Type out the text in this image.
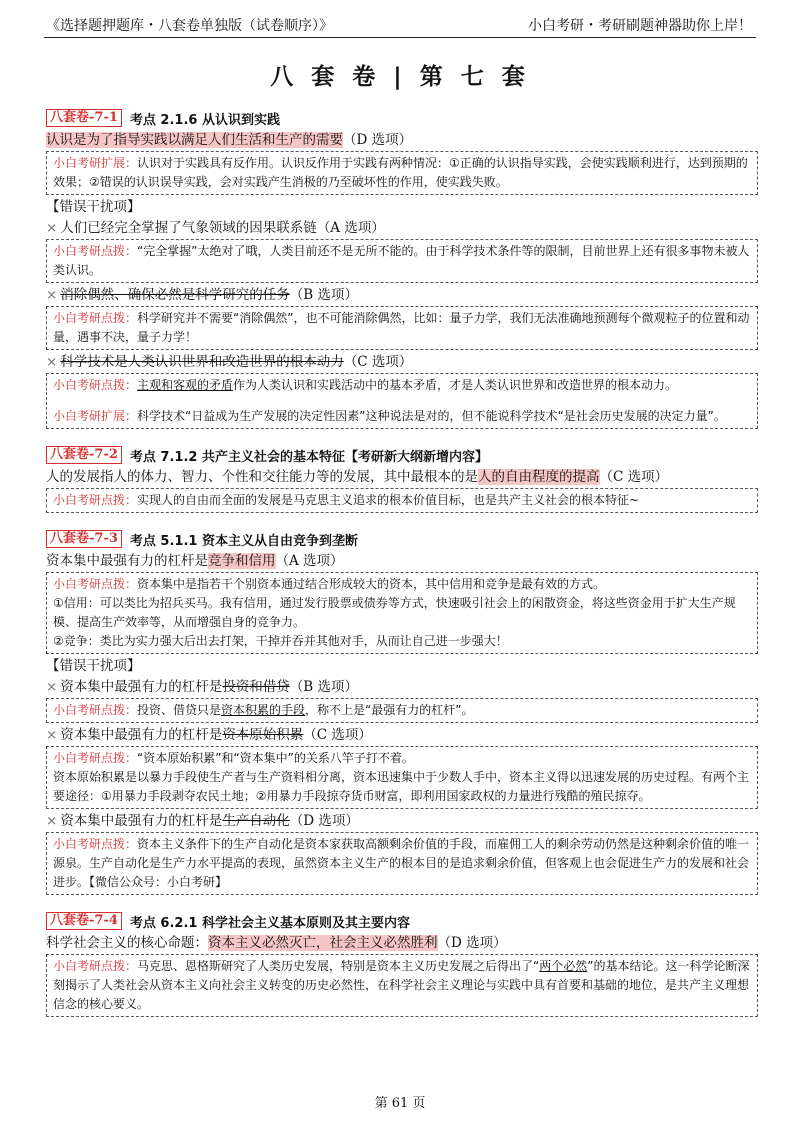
《选择题押题库・八套卷单独版（试卷顺序）》	小白考研・考研刷题神器助你上岸！
八 套 卷 | 第 七 套
八套卷-7-1 考点 2.1.6 从认识到实践
认识是为了指导实践以满足人们生活和生产的需要（D 选项）
小白考研扩展：认识对于实践具有反作用。认识反作用于实践有两种情况：①正确的认识指导实践，会使实践顺利进行，达到预期的效果；②错误的认识误导实践，会对实践产生消极的乃至破坏性的作用，使实践失败。
【错误干扰项】
× 人们已经完全掌握了气象领域的因果联系链（A 选项）
小白考研点拨：“完全掌握”太绝对了哦，人类目前还不是无所不能的。由于科学技术条件等的限制，目前世界上还有很多事物未被人类认识。
× 消除偶然、确保必然是科学研究的任务（B 选项）
小白考研点拨：科学研究并不需要“消除偶然”，也不可能消除偶然，比如：量子力学，我们无法准确地预测每个微观粒子的位置和动量，遇事不决，量子力学！
× 科学技术是人类认识世界和改造世界的根本动力（C 选项）
小白考研点拨：主观和客观的矛盾作为人类认识和实践活动中的基本矛盾，才是人类认识世界和改造世界的根本动力。
小白考研扩展：科学技术“日益成为生产发展的决定性因素”这种说法是对的，但不能说科学技术“是社会历史发展的决定力量”。
八套卷-7-2 考点 7.1.2 共产主义社会的基本特征【考研新大纲新增内容】
人的发展指人的体力、智力、个性和交往能力等的发展，其中最根本的是人的自由程度的提高（C 选项）
小白考研点拨：实现人的自由而全面的发展是马克思主义追求的根本价值目标，也是共产主义社会的根本特征~
八套卷-7-3 考点 5.1.1 资本主义从自由竞争到垄断
资本集中最强有力的杠杆是竞争和信用（A 选项）
小白考研点拨：资本集中是指若干个别资本通过结合形成较大的资本，其中信用和竞争是最有效的方式。
①信用：可以类比为招兵买马。我有信用，通过发行股票或债券等方式，快速吸引社会上的闲散资金，将这些资金用于扩大生产规模、提高生产效率等，从而增强自身的竞争力。
②竞争：类比为实力强大后出去打架，干掉并吞并其他对手，从而让自己进一步强大！
【错误干扰项】
× 资本集中最强有力的杠杆是投资和借贷（B 选项）
小白考研点拨：投资、借贷只是资本积累的手段，称不上是“最强有力的杠杆”。
× 资本集中最强有力的杠杆是资本原始积累（C 选项）
小白考研点拨：“资本原始积累”和“资本集中”的关系八竿子打不着。
资本原始积累是以暴力手段使生产者与生产资料相分离，资本迅速集中于少数人手中，资本主义得以迅速发展的历史过程。有两个主要途径：①用暴力手段剥夺农民土地；②用暴力手段掠夺货币财富，即利用国家政权的力量进行残酷的殖民掠夺。
× 资本集中最强有力的杠杆是生产自动化（D 选项）
小白考研点拨：资本主义条件下的生产自动化是资本家获取高额剩余价值的手段，而雇佣工人的剩余劳动仍然是这种剩余价值的唯一源泉。生产自动化是生产力水平提高的表现，虽然资本主义生产的根本目的是追求剩余价值，但客观上也会促进生产力的发展和社会进步。【微信公众号：小白考研】
八套卷-7-4 考点 6.2.1 科学社会主义基本原则及其主要内容
科学社会主义的核心命题：资本主义必然灭亡，社会主义必然胜利（D 选项）
小白考研点拨：马克思、恩格斯研究了人类历史发展，特别是资本主义历史发展之后得出了“两个必然”的基本结论。这一科学论断深刻揭示了人类社会从资本主义向社会主义转变的历史必然性，在科学社会主义理论与实践中具有首要和基础的地位，是共产主义理想信念的核心要义。
第 61 页
